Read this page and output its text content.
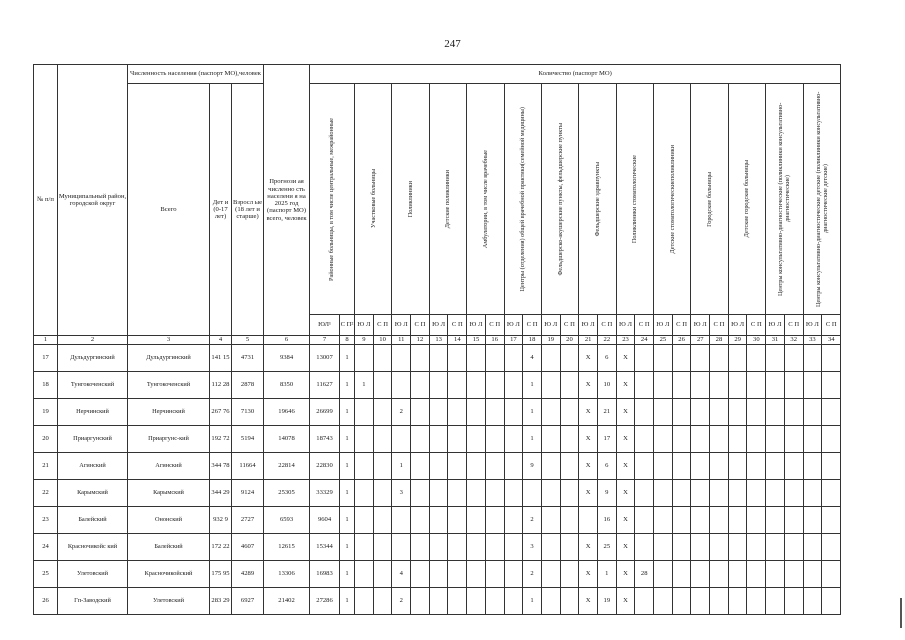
247
№ п/п	Муниципальный район, городской округ	Численность населения (паспорт МО),человек			Прогнози ая численно сть населени я на 2025 год (паспорт МО) всего, человек	Количество (паспорт МО)																											
		Всего	Дет и (0-17 лет)	Взросл ые (18 лет и старше)		Районные больницы, в том числе центральные, межрайонные		Участковые больницы		Поликлиники		Детские поликлиники		Амбулатории, в том числе врачебные		Центры (отделения) общей врачебной практики(семейной медицины)		Фельдшерско-акушерские пункты, фельдшерские пункты		Фельдшерские здравпункты		Поликлиники стоматологические		Детские стоматологическиеполиклиники		Городские больницы		Детские городские больницы		Центры консультативно-диагностические (поликлиники консультативно-диагностические)		Центры консультативно-диагностические детские (поликлиники консультативно-диагностические детские)	

						ЮЛ¹	С П²	Ю Л	С П	Ю Л	С П	Ю Л	С П	Ю Л	С П	Ю Л	С П	Ю Л	С П	Ю Л	С П	Ю Л	С П	Ю Л	С П	Ю Л	С П	Ю Л	С П	Ю Л	С П	Ю Л	С П
1	2	3	4	5	6	7	8	9	10	11	12	13	14	15	16	17	18	19	20	21	22	23	24	25	26	27	28	29	30	31	32	33	34
17	Дульдургинский	Дульдургинский	141 15	4731	9384	13007	1										4			X	6	X											
18	Тунгокоченский	Тунгокоченский	112 28	2878	8350	11627	1	1									1			X	10	X											
19	Нерчинский	Нерчинский	267 76	7130	19646	26699	1			2							1			X	21	X											
20	Приаргунский	Приаргунс-кий	192 72	5194	14078	18743	1										1			X	17	X											
21	Агинский	Агинский	344 78	11664	22814	22830	1			1							9			X	6	X											
22	Карымский	Карымский	344 29	9124	25305	33329	1			3										X	9	X											
23	Балейский	Ононский	932 9	2727	6593	9604	1										2				16	X											
24	Красночикойс кий	Балейский	172 22	4607	12615	15344	1										3			X	25	X											
25	Улетовский	Красночикойский	175 95	4289	13306	16983	1			4							2			X	1	X	28										
26	Гп-Заводский	Улетовский	283 29	6927	21402	27286	1			2							1			X	19	X											
